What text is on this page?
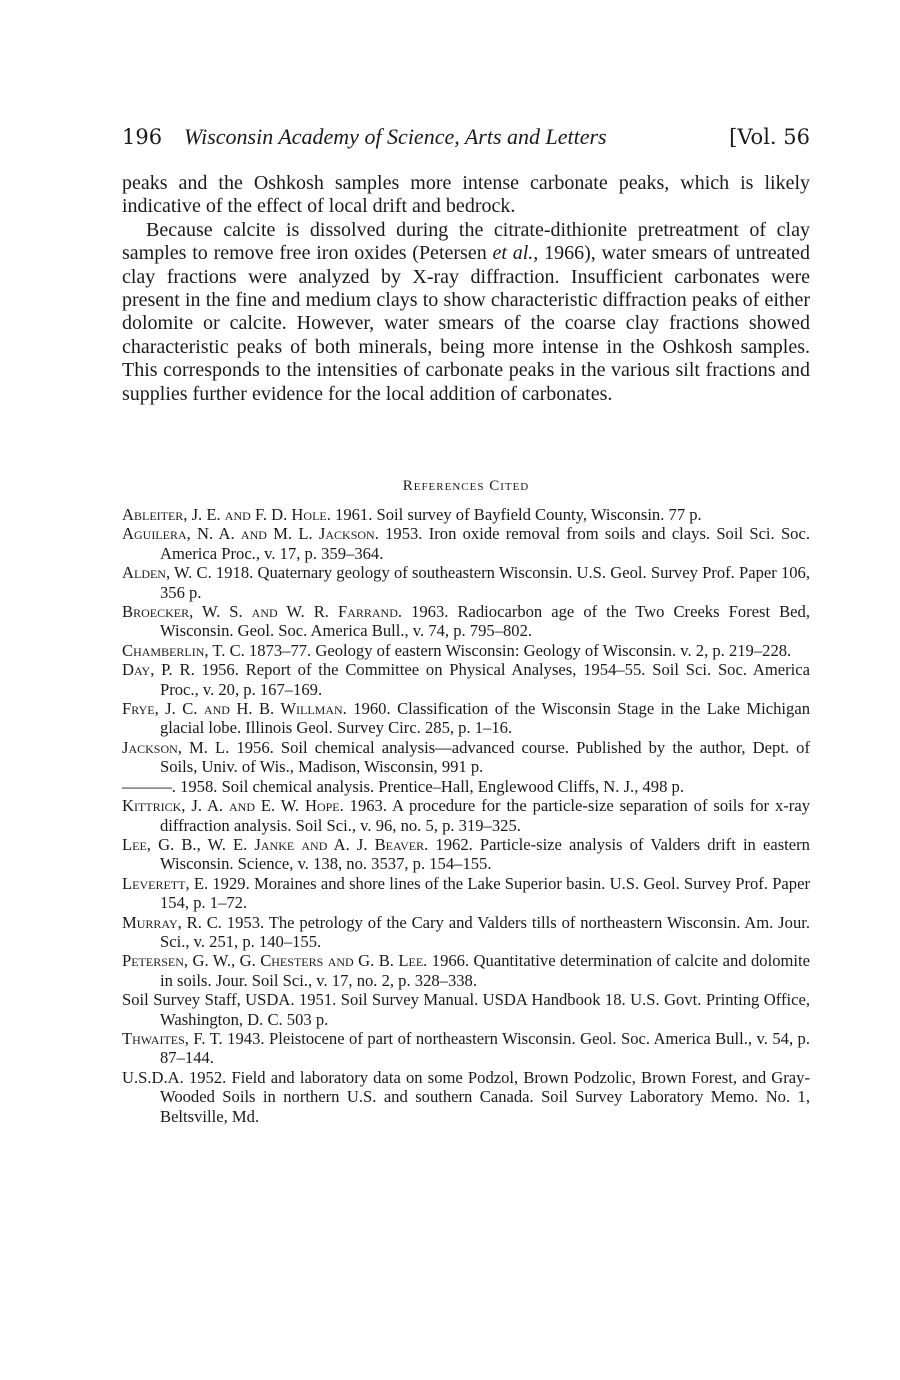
196 Wisconsin Academy of Science, Arts and Letters	[Vol. 56

peaks and the Oshkosh samples more intense carbonate peaks, which is likely indicative of the effect of local drift and bedrock.

Because calcite is dissolved during the citrate-dithionite pretreatment of clay samples to remove free iron oxides (Petersen et al., 1966), water smears of untreated clay fractions were analyzed by X-ray diffraction. Insufficient carbonates were present in the fine and medium clays to show characteristic diffraction peaks of either dolomite or calcite. However, water smears of the coarse clay fractions showed characteristic peaks of both minerals, being more intense in the Oshkosh samples. This corresponds to the intensities of carbonate peaks in the various silt fractions and supplies further evidence for the local addition of carbonates.

References Cited
Ableiter, J. E. and F. D. Hole. 1961. Soil survey of Bayfield County, Wisconsin. 77 p.
Aguilera, N. A. and M. L. Jackson. 1953. Iron oxide removal from soils and clays. Soil Sci. Soc. America Proc., v. 17, p. 359–364.
Alden, W. C. 1918. Quaternary geology of southeastern Wisconsin. U.S. Geol. Survey Prof. Paper 106, 356 p.
Broecker, W. S. and W. R. Farrand. 1963. Radiocarbon age of the Two Creeks Forest Bed, Wisconsin. Geol. Soc. America Bull., v. 74, p. 795–802.
Chamberlin, T. C. 1873–77. Geology of eastern Wisconsin: Geology of Wisconsin. v. 2, p. 219–228.
Day, P. R. 1956. Report of the Committee on Physical Analyses, 1954–55. Soil Sci. Soc. America Proc., v. 20, p. 167–169.
Frye, J. C. and H. B. Willman. 1960. Classification of the Wisconsin Stage in the Lake Michigan glacial lobe. Illinois Geol. Survey Circ. 285, p. 1–16.
Jackson, M. L. 1956. Soil chemical analysis—advanced course. Published by the author, Dept. of Soils, Univ. of Wis., Madison, Wisconsin, 991 p.
———. 1958. Soil chemical analysis. Prentice–Hall, Englewood Cliffs, N. J., 498 p.
Kittrick, J. A. and E. W. Hope. 1963. A procedure for the particle-size separation of soils for x-ray diffraction analysis. Soil Sci., v. 96, no. 5, p. 319–325.
Lee, G. B., W. E. Janke and A. J. Beaver. 1962. Particle-size analysis of Valders drift in eastern Wisconsin. Science, v. 138, no. 3537, p. 154–155.
Leverett, E. 1929. Moraines and shore lines of the Lake Superior basin. U.S. Geol. Survey Prof. Paper 154, p. 1–72.
Murray, R. C. 1953. The petrology of the Cary and Valders tills of northeastern Wisconsin. Am. Jour. Sci., v. 251, p. 140–155.
Petersen, G. W., G. Chesters and G. B. Lee. 1966. Quantitative determination of calcite and dolomite in soils. Jour. Soil Sci., v. 17, no. 2, p. 328–338.
Soil Survey Staff, USDA. 1951. Soil Survey Manual. USDA Handbook 18. U.S. Govt. Printing Office, Washington, D. C. 503 p.
Thwaites, F. T. 1943. Pleistocene of part of northeastern Wisconsin. Geol. Soc. America Bull., v. 54, p. 87–144.
U.S.D.A. 1952. Field and laboratory data on some Podzol, Brown Podzolic, Brown Forest, and Gray-Wooded Soils in northern U.S. and southern Canada. Soil Survey Laboratory Memo. No. 1, Beltsville, Md.
